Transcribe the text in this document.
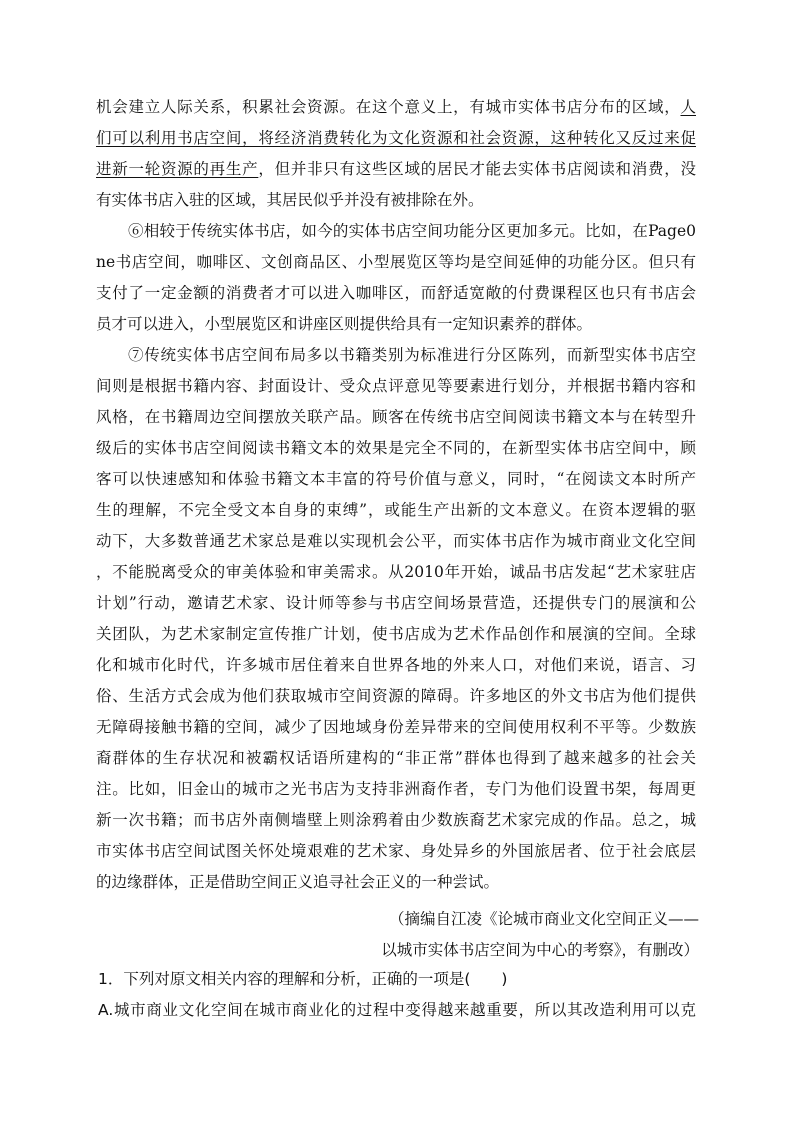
机会建立人际关系，积累社会资源。在这个意义上，有城市实体书店分布的区域，人
们可以利用书店空间，将经济消费转化为文化资源和社会资源，这种转化又反过来促
进新一轮资源的再生产，但并非只有这些区域的居民才能去实体书店阅读和消费，没
有实体书店入驻的区域，其居民似乎并没有被排除在外。
⑥相较于传统实体书店，如今的实体书店空间功能分区更加多元。比如，在Page0
ne书店空间，咖啡区、文创商品区、小型展览区等均是空间延伸的功能分区。但只有
支付了一定金额的消费者才可以进入咖啡区，而舒适宽敞的付费课程区也只有书店会
员才可以进入，小型展览区和讲座区则提供给具有一定知识素养的群体。
⑦传统实体书店空间布局多以书籍类别为标准进行分区陈列，而新型实体书店空
间则是根据书籍内容、封面设计、受众点评意见等要素进行划分，并根据书籍内容和
风格，在书籍周边空间摆放关联产品。顾客在传统书店空间阅读书籍文本与在转型升
级后的实体书店空间阅读书籍文本的效果是完全不同的，在新型实体书店空间中，顾
客可以快速感知和体验书籍文本丰富的符号价值与意义，同时，“在阅读文本时所产
生的理解，不完全受文本自身的束缚”，或能生产出新的文本意义。在资本逻辑的驱
动下，大多数普通艺术家总是难以实现机会公平，而实体书店作为城市商业文化空间
，不能脱离受众的审美体验和审美需求。从2010年开始，诚品书店发起“艺术家驻店
计划”行动，邀请艺术家、设计师等参与书店空间场景营造，还提供专门的展演和公
关团队，为艺术家制定宣传推广计划，使书店成为艺术作品创作和展演的空间。全球
化和城市化时代，许多城市居住着来自世界各地的外来人口，对他们来说，语言、习
俗、生活方式会成为他们获取城市空间资源的障碍。许多地区的外文书店为他们提供
无障碍接触书籍的空间，减少了因地域身份差异带来的空间使用权利不平等。少数族
裔群体的生存状况和被霸权话语所建构的“非正常”群体也得到了越来越多的社会关
注。比如，旧金山的城市之光书店为支持非洲裔作者，专门为他们设置书架，每周更
新一次书籍；而书店外南侧墙壁上则涂鸦着由少数族裔艺术家完成的作品。总之，城
市实体书店空间试图关怀处境艰难的艺术家、身处异乡的外国旅居者、位于社会底层
的边缘群体，正是借助空间正义追寻社会正义的一种尝试。
（摘编自江凌《论城市商业文化空间正义——
以城市实体书店空间为中心的考察》，有删改）
1．下列对原文相关内容的理解和分析，正确的一项是(　　)
A.城市商业文化空间在城市商业化的过程中变得越来越重要，所以其改造利用可以克
